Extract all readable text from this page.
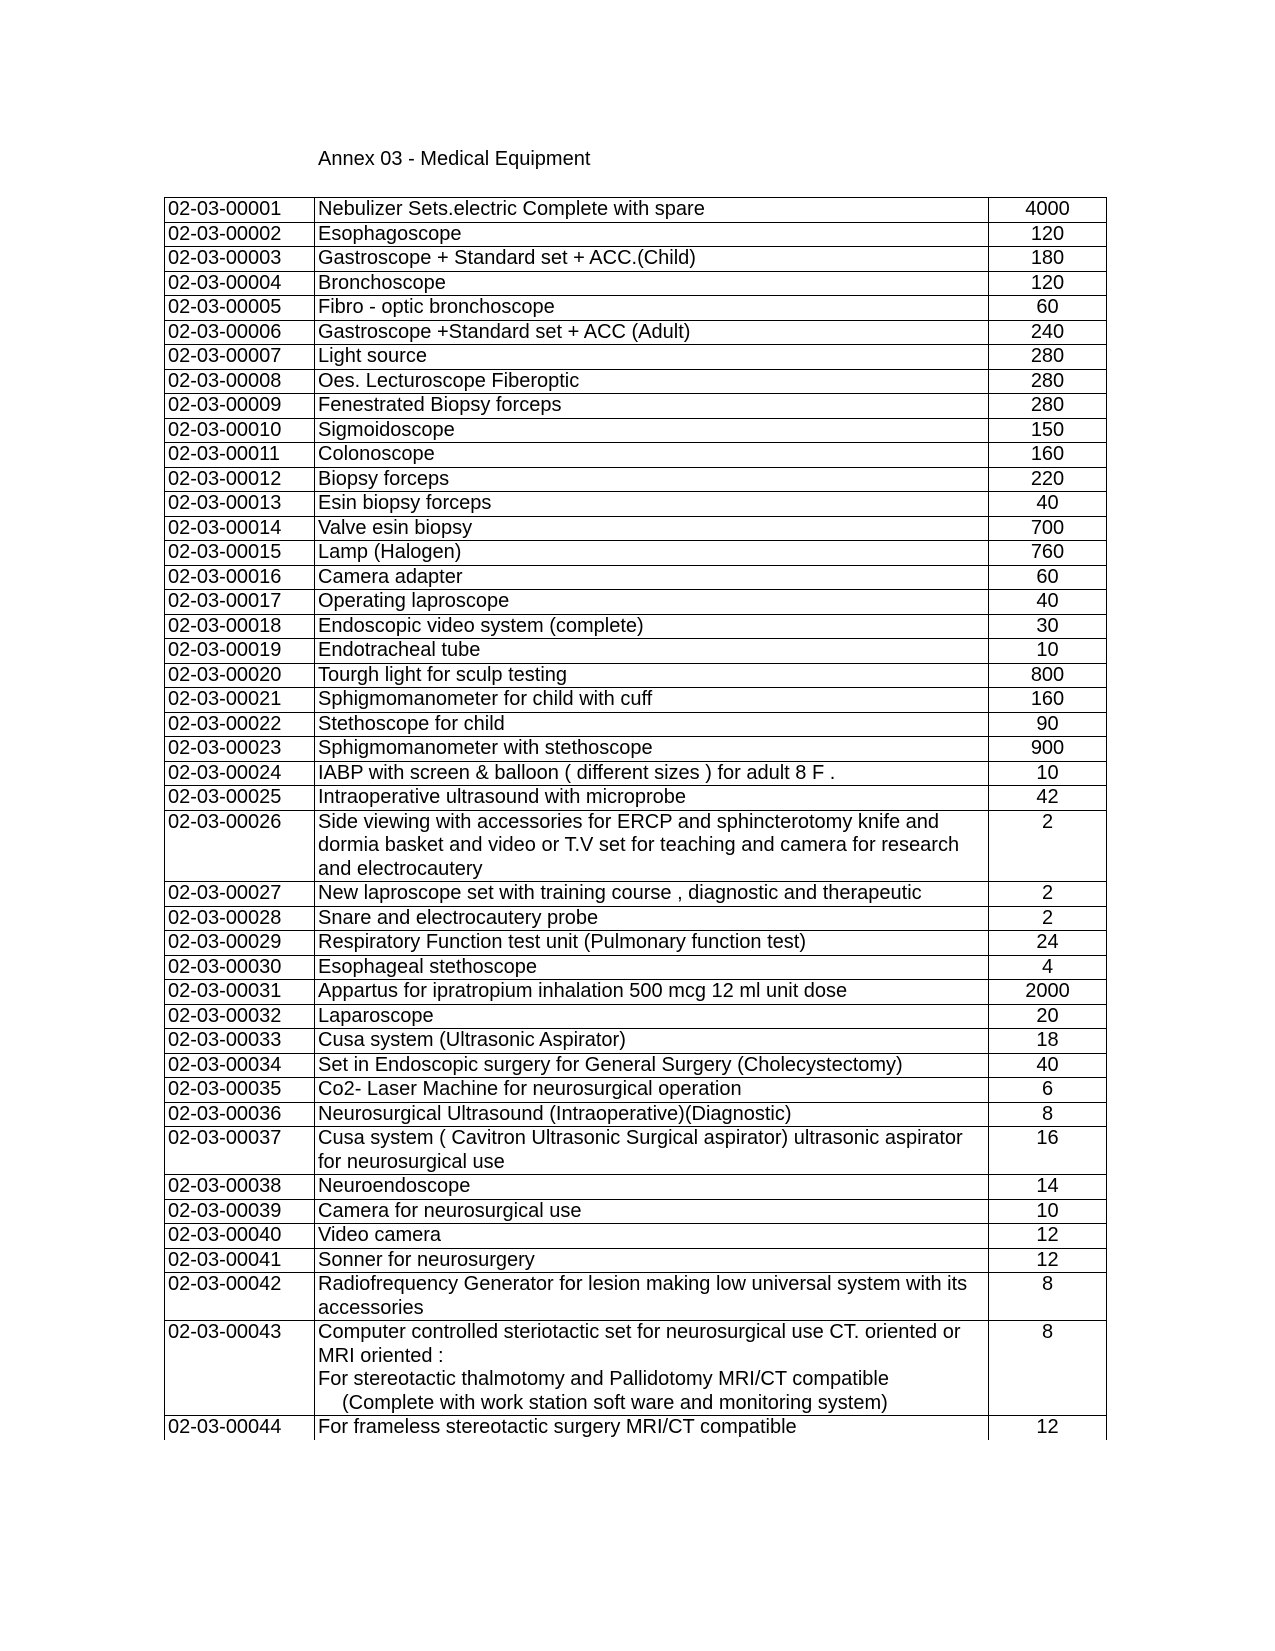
Annex 03 - Medical Equipment
02-03-00001	Nebulizer Sets.electric Complete with spare	4000
02-03-00002	Esophagoscope	120
02-03-00003	Gastroscope + Standard set + ACC.(Child)	180
02-03-00004	Bronchoscope	120
02-03-00005	Fibro - optic bronchoscope	60
02-03-00006	Gastroscope +Standard set + ACC (Adult)	240
02-03-00007	Light source	280
02-03-00008	Oes. Lecturoscope Fiberoptic	280
02-03-00009	Fenestrated Biopsy forceps	280
02-03-00010	Sigmoidoscope	150
02-03-00011	Colonoscope	160
02-03-00012	Biopsy forceps	220
02-03-00013	Esin biopsy forceps	40
02-03-00014	Valve esin biopsy	700
02-03-00015	Lamp (Halogen)	760
02-03-00016	Camera adapter	60
02-03-00017	Operating laproscope	40
02-03-00018	Endoscopic video system (complete)	30
02-03-00019	Endotracheal tube	10
02-03-00020	Tourgh light for sculp testing	800
02-03-00021	Sphigmomanometer for child with cuff	160
02-03-00022	Stethoscope for child	90
02-03-00023	Sphigmomanometer with stethoscope	900
02-03-00024	IABP with screen & balloon ( different sizes ) for adult 8 F .	10
02-03-00025	Intraoperative ultrasound with microprobe	42
02-03-00026	Side viewing with accessories for ERCP and sphincterotomy knife and dormia basket and video or T.V set for teaching and camera for research and electrocautery	2
02-03-00027	New laproscope set with training course , diagnostic and therapeutic	2
02-03-00028	Snare and electrocautery probe	2
02-03-00029	Respiratory Function test unit (Pulmonary function test)	24
02-03-00030	Esophageal stethoscope	4
02-03-00031	Appartus for ipratropium inhalation 500 mcg 12 ml unit dose	2000
02-03-00032	Laparoscope	20
02-03-00033	Cusa system (Ultrasonic Aspirator)	18
02-03-00034	Set in Endoscopic surgery for General Surgery (Cholecystectomy)	40
02-03-00035	Co2- Laser Machine for neurosurgical operation	6
02-03-00036	Neurosurgical Ultrasound (Intraoperative)(Diagnostic)	8
02-03-00037	Cusa system ( Cavitron Ultrasonic Surgical aspirator) ultrasonic aspirator for neurosurgical use	16
02-03-00038	Neuroendoscope	14
02-03-00039	Camera for neurosurgical use	10
02-03-00040	Video camera	12
02-03-00041	Sonner for neurosurgery	12
02-03-00042	Radiofrequency Generator for lesion making low universal system with its accessories	8
02-03-00043	Computer controlled steriotactic set for neurosurgical use CT. oriented or MRI oriented :
For stereotactic thalmotomy and Pallidotomy MRI/CT compatible
(Complete with work station soft ware and monitoring system)	8
02-03-00044	For frameless stereotactic surgery MRI/CT compatible	12
